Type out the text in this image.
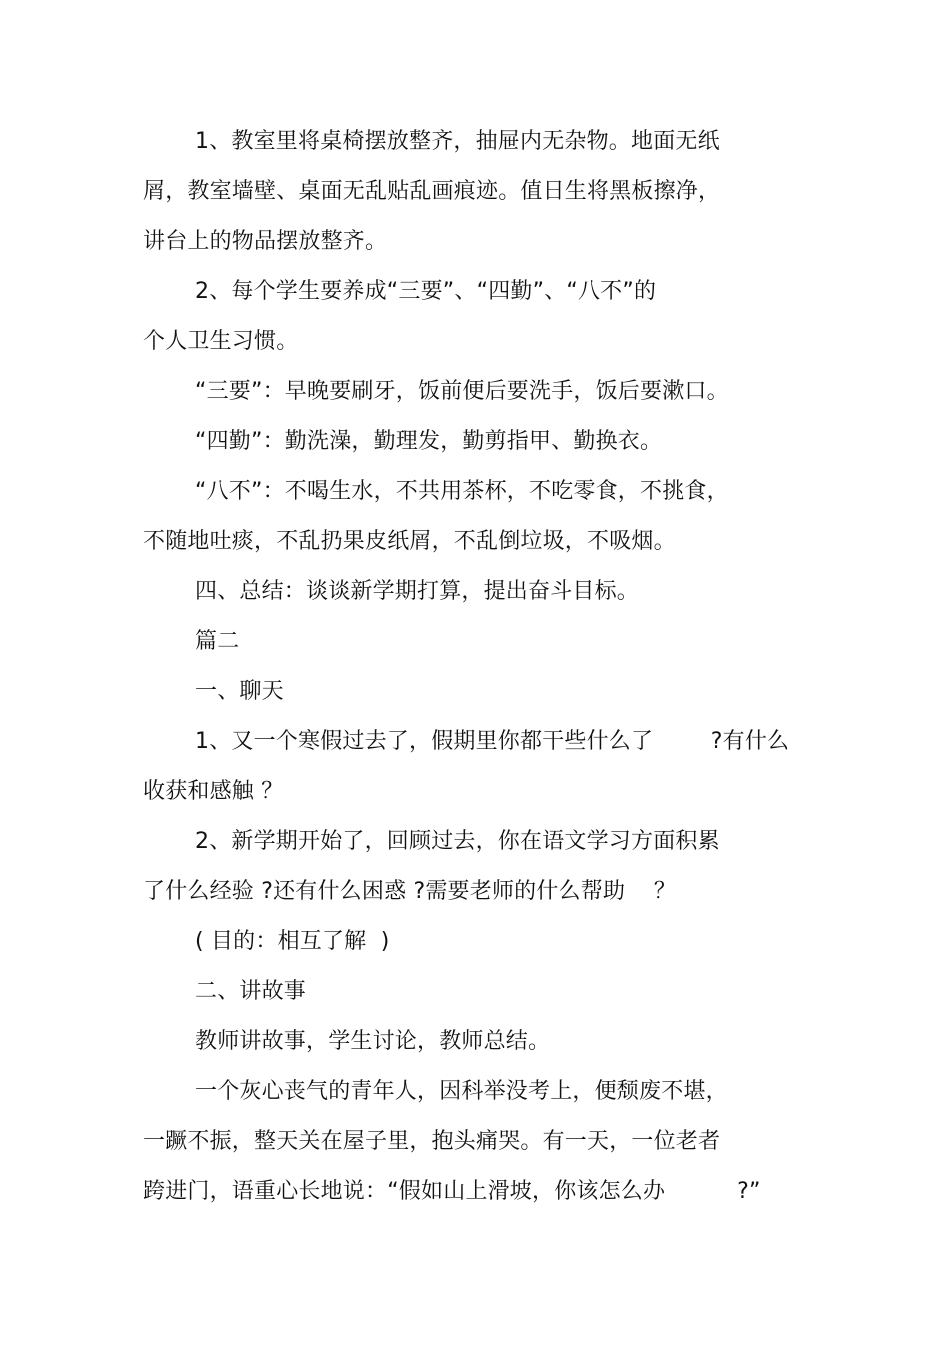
1、教室里将桌椅摆放整齐，抽屉内无杂物。地面无纸
屑，教室墙壁、桌面无乱贴乱画痕迹。值日生将黑板擦净，
讲台上的物品摆放整齐。
2、每个学生要养成“三要”、“四勤”、“八不”的
个人卫生习惯。
“三要”：早晚要刷牙，饭前便后要洗手，饭后要漱口。
“四勤”：勤洗澡，勤理发，勤剪指甲、勤换衣。
“八不”：不喝生水，不共用茶杯，不吃零食，不挑食，
不随地吐痰，不乱扔果皮纸屑，不乱倒垃圾，不吸烟。
四、总结：谈谈新学期打算，提出奋斗目标。
篇二
一、聊天
1、又一个寒假过去了，假期里你都干些什么了        ?有什么
收获和感触 ？
2、新学期开始了，回顾过去，你在语文学习方面积累
了什么经验 ?还有什么困惑 ?需要老师的什么帮助    ？
( 目的：相互了解  )
二、讲故事
教师讲故事，学生讨论，教师总结。
一个灰心丧气的青年人，因科举没考上，便颓废不堪，
一蹶不振，整天关在屋子里，抱头痛哭。有一天，一位老者
跨进门，语重心长地说：“假如山上滑坡，你该怎么办          ?”
